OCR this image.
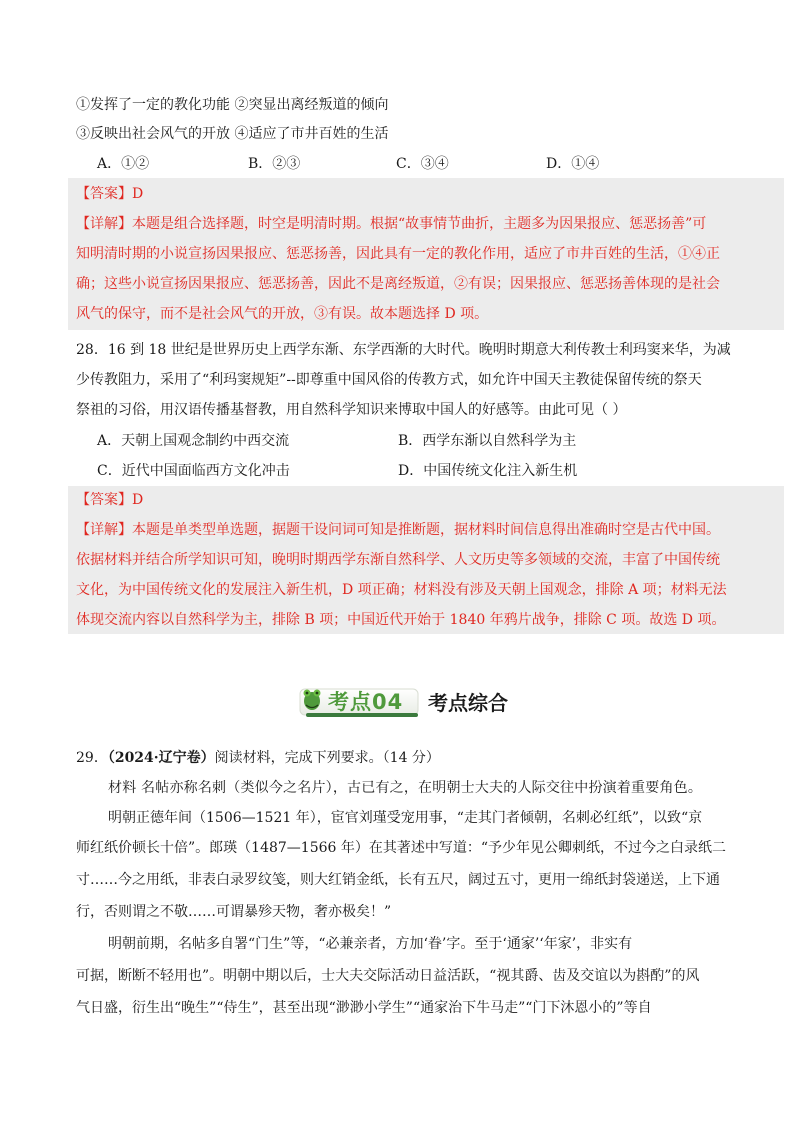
①发挥了一定的教化功能 ②突显出离经叛道的倾向
③反映出社会风气的开放 ④适应了市井百姓的生活
A．①②	B．②③	C．③④	D．①④
【答案】D
【详解】本题是组合选择题，时空是明清时期。根据“故事情节曲折，主题多为因果报应、惩恶扬善”可
知明清时期的小说宣扬因果报应、惩恶扬善，因此具有一定的教化作用，适应了市井百姓的生活，①④正
确；这些小说宣扬因果报应、惩恶扬善，因此不是离经叛道，②有误；因果报应、惩恶扬善体现的是社会
风气的保守，而不是社会风气的开放，③有误。故本题选择 D 项。
28．16 到 18 世纪是世界历史上西学东渐、东学西渐的大时代。晚明时期意大利传教士利玛窦来华，为减
少传教阻力，采用了“利玛窦规矩”--即尊重中国风俗的传教方式，如允许中国天主教徒保留传统的祭天
祭祖的习俗，用汉语传播基督教，用自然科学知识来博取中国人的好感等。由此可见（ ）
A．天朝上国观念制约中西交流	B．西学东渐以自然科学为主
C．近代中国面临西方文化冲击	D．中国传统文化注入新生机
【答案】D
【详解】本题是单类型单选题，据题干设问词可知是推断题，据材料时间信息得出准确时空是古代中国。
依据材料并结合所学知识可知，晚明时期西学东渐自然科学、人文历史等多领域的交流，丰富了中国传统
文化，为中国传统文化的发展注入新生机，D 项正确；材料没有涉及天朝上国观念，排除 A 项；材料无法
体现交流内容以自然科学为主，排除 B 项；中国近代开始于 1840 年鸦片战争，排除 C 项。故选 D 项。
考点04 考点综合
29．（2024·辽宁卷）阅读材料，完成下列要求。（14 分）
材料 名帖亦称名刺（类似今之名片），古已有之，在明朝士大夫的人际交往中扮演着重要角色。
明朝正德年间（1506—1521 年），宦官刘瑾受宠用事，“走其门者倾朝，名刺必红纸”，以致“京
师红纸价顿长十倍”。郎瑛（1487—1566 年）在其著述中写道：“予少年见公卿刺纸，不过今之白录纸二
寸……今之用纸，非表白录罗纹笺，则大红销金纸，长有五尺，阔过五寸，更用一绵纸封袋递送，上下通
行，否则谓之不敬……可谓暴殄天物，奢亦极矣！”
明朝前期，名帖多自署“门生”等，“必兼亲者，方加‘眷’字。至于‘通家’‘年家’，非实有
可据，断断不轻用也”。明朝中期以后，士大夫交际活动日益活跃，“视其爵、齿及交谊以为斟酌”的风
气日盛，衍生出“晚生”“侍生”，甚至出现“渺渺小学生”“通家治下牛马走”“门下沐恩小的”等自
